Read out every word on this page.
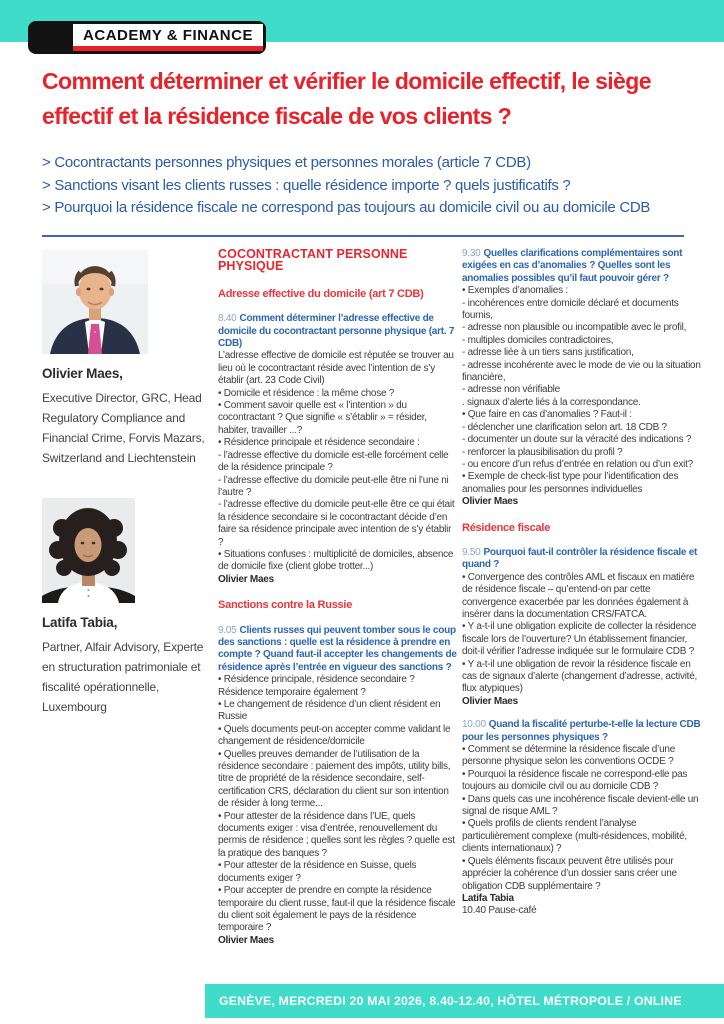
ACADEMY & FINANCE
Comment déterminer et vérifier le domicile effectif, le siège effectif et la résidence fiscale de vos clients ?
> Cocontractants personnes physiques et personnes morales (article 7 CDB)
> Sanctions visant les clients russes : quelle résidence importe ? quels justificatifs ?
> Pourquoi la résidence fiscale ne correspond pas toujours au domicile civil ou au domicile CDB
Olivier Maes,
Executive Director, GRC, Head Regulatory Compliance and Financial Crime, Forvis Mazars, Switzerland and Liechtenstein
Latifa Tabia,
Partner, Alfair Advisory, Experte en structuration patrimoniale et fiscalité opérationnelle, Luxembourg
COCONTRACTANT PERSONNE PHYSIQUE
Adresse effective du domicile (art 7 CDB)

8.40 Comment déterminer l’adresse effective de domicile du cocontractant personne physique (art. 7 CDB)

L’adresse effective de domicile est réputée se trouver au lieu où le cocontractant réside avec l’intention de s’y établir (art. 23 Code Civil)

• Domicile et résidence : la même chose ?

• Comment savoir quelle est « l’intention » du cocontractant ? Que signifie « s’établir » = résider, habiter, travailler ...?

• Résidence principale et résidence secondaire :

- l’adresse effective du domicile est-elle forcément celle de la résidence principale ?

- l’adresse effective du domicile peut-elle être ni l’une ni l’autre ?

- l’adresse effective du domicile peut-elle être ce qui était la résidence secondaire si le cocontractant décide d’en faire sa résidence principale avec intention de s’y établir ?

• Situations confuses : multiplicité de domiciles, absence de domicile fixe (client globe trotter...)

Olivier Maes

Sanctions contre la Russie

9.05 Clients russes qui peuvent tomber sous le coup des sanctions : quelle est la résidence à prendre en compte ? Quand faut-il accepter les changements de résidence après l’entrée en vigueur des sanctions ?

• Résidence principale, résidence secondaire ? Résidence temporaire également ?

• Le changement de résidence d’un client résident en Russie

• Quels documents peut-on accepter comme validant le changement de résidence/domicile

• Quelles preuves demander de l’utilisation de la résidence secondaire : paiement des impôts, utility bills, titre de propriété de la résidence secondaire, self-certification CRS, déclaration du client sur son intention de résider à long terme...

• Pour attester de la résidence dans l’UE, quels documents exiger : visa d’entrée, renouvellement du permis de résidence ; quelles sont les règles ? quelle est la pratique des banques ?

• Pour attester de la résidence en Suisse, quels documents exiger ?

• Pour accepter de prendre en compte la résidence temporaire du client russe, faut-il que la résidence fiscale du client soit également le pays de la résidence temporaire ?

Olivier Maes

9.30 Quelles clarifications complémentaires sont exigées en cas d’anomalies ? Quelles sont les anomalies possibles qu’il faut pouvoir gérer ?

• Exemples d’anomalies :

- incohérences entre domicile déclaré et documents fournis,

- adresse non plausible ou incompatible avec le profil,

- multiples domiciles contradictoires,

- adresse liée à un tiers sans justification,

- adresse incohérente avec le mode de vie ou la situation financière,

- adresse non vérifiable

. signaux d’alerte liés à la correspondance.

• Que faire en cas d’anomalies ? Faut-il :

- déclencher une clarification selon art. 18 CDB ?

- documenter un doute sur la véracité des indications ?

- renforcer la plausibilisation du profil ?

- ou encore d’un refus d’entrée en relation ou d’un exit?

• Exemple de check-list type pour l’identification des anomalies pour les personnes individuelles

Olivier Maes

Résidence fiscale

9.50 Pourquoi faut-il contrôler la résidence fiscale et quand ?

• Convergence des contrôles AML et fiscaux en matière de résidence fiscale – qu’entend-on par cette convergence exacerbée par les données également à insérer dans la documentation CRS/FATCA.

• Y a-t-il une obligation explicite de collecter la résidence fiscale lors de l’ouverture? Un établissement financier, doit-il vérifier l’adresse indiquée sur le formulaire CDB ?

• Y a-t-il une obligation de revoir la résidence fiscale en cas de signaux d’alerte (changement d’adresse, activité, flux atypiques)

Olivier Maes

10.00 Quand la fiscalité perturbe-t-elle la lecture CDB pour les personnes physiques ?

• Comment se détermine la résidence fiscale d’une personne physique selon les conventions OCDE ?

• Pourquoi la résidence fiscale ne correspond-elle pas toujours au domicile civil ou au domicile CDB ?

• Dans quels cas une incohérence fiscale devient-elle un signal de risque AML ?

• Quels profils de clients rendent l’analyse particulièrement complexe (multi-résidences, mobilité, clients internationaux) ?

• Quels éléments fiscaux peuvent être utilisés pour apprécier la cohérence d’un dossier sans créer une obligation CDB supplémentaire ?

Latifa Tabia

10.40 Pause-café

GENÈVE, MERCREDI 20 MAI 2026, 8.40-12.40, HÔTEL MÉTROPOLE / ONLINE
